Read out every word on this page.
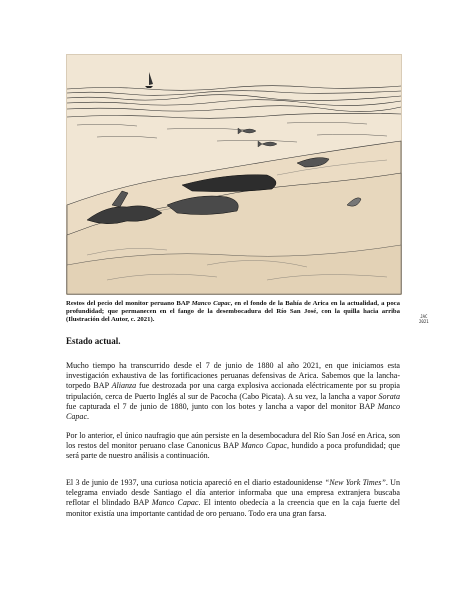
JAC
2021
Restos del pecio del monitor peruano BAP Manco Capac, en el fondo de la Bahía de Arica en la actualidad, a poca profundidad; que permanecen en el fango de la desembocadura del Río San José, con la quilla hacia arriba (Ilustración del Autor, c. 2021).
Estado actual.
Mucho tiempo ha transcurrido desde el 7 de junio de 1880 al año 2021, en que iniciamos esta investigación exhaustiva de las fortificaciones peruanas defensivas de Arica. Sabemos que la lancha-torpedo BAP Alianza fue destrozada por una carga explosiva accionada eléctricamente por su propia tripulación, cerca de Puerto Inglés al sur de Pacocha (Cabo Picata). A su vez, la lancha a vapor Sorata fue capturada el 7 de junio de 1880, junto con los botes y lancha a vapor del monitor BAP Manco Capac.
Por lo anterior, el único naufragio que aún persiste en la desembocadura del Río San José en Arica, son los restos del monitor peruano clase Canonicus BAP Manco Capac, hundido a poca profundidad; que será parte de nuestro análisis a continuación.
El 3 de junio de 1937, una curiosa noticia apareció en el diario estadounidense “New York Times”. Un telegrama enviado desde Santiago el día anterior informaba que una empresa extranjera buscaba reflotar el blindado BAP Manco Capac. El intento obedecía a la creencia que en la caja fuerte del monitor existía una importante cantidad de oro peruano. Todo era una gran farsa.
